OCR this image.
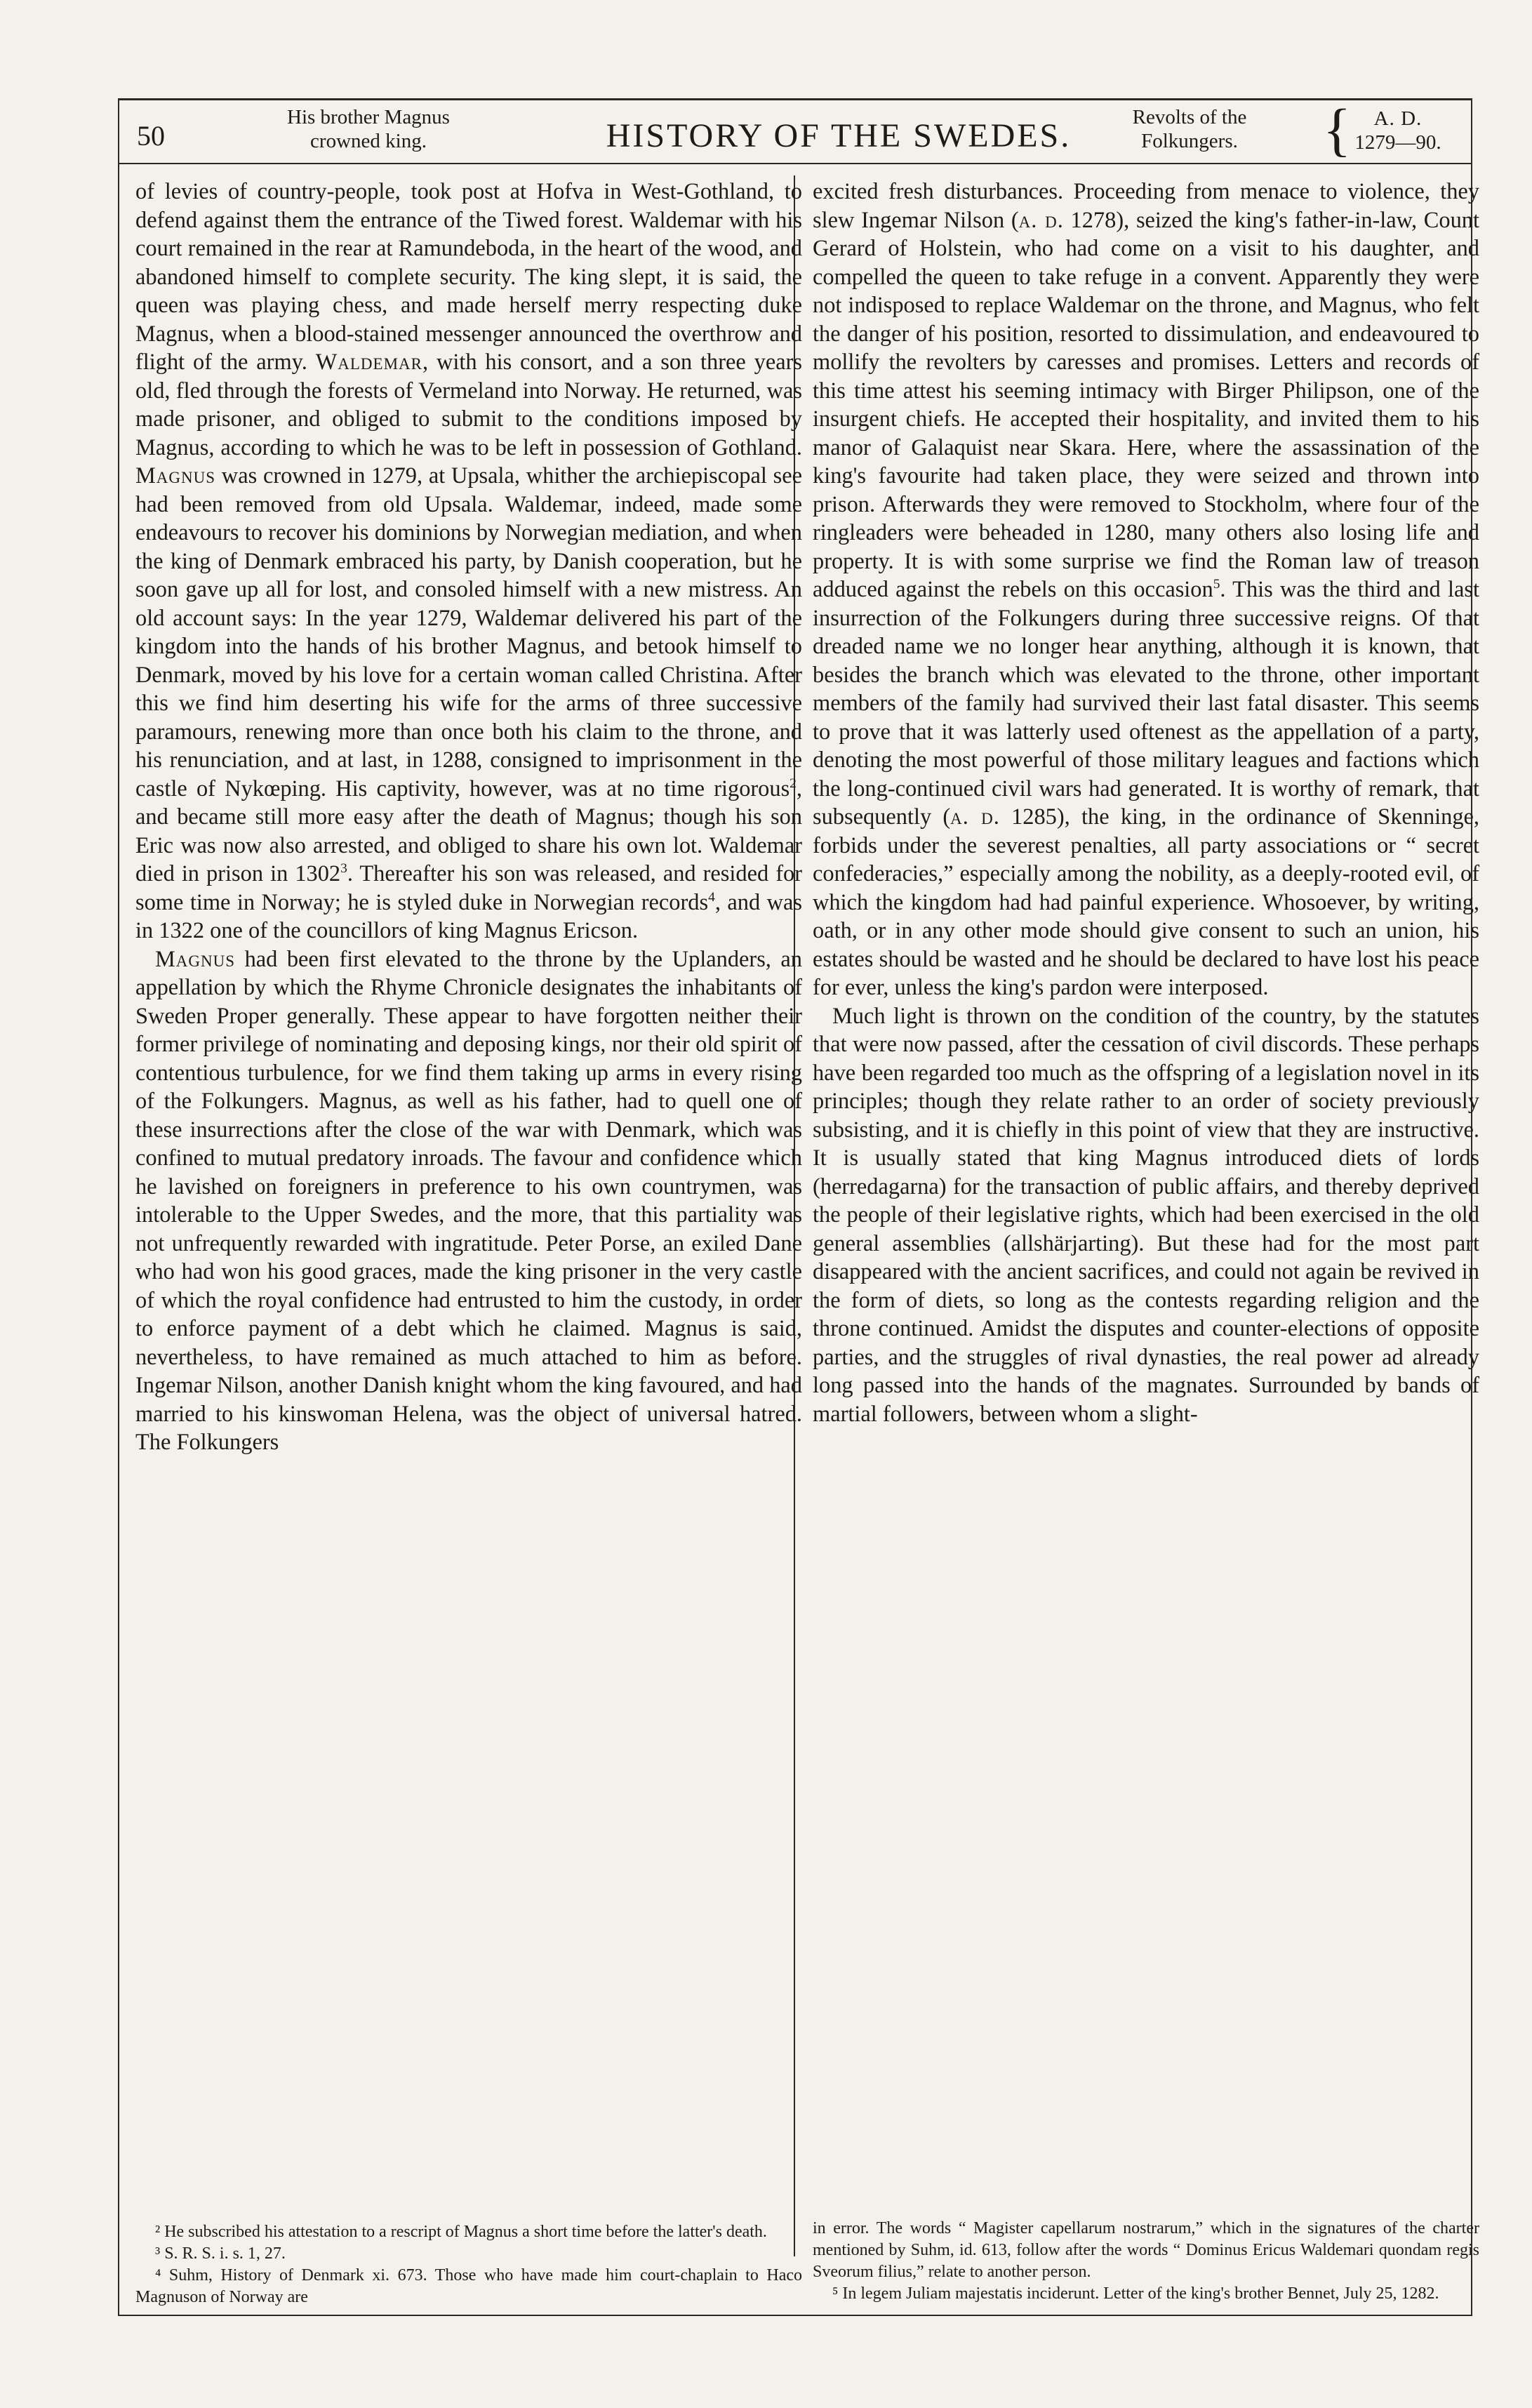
50
His brother Magnus
crowned king.	HISTORY OF THE SWEDES.	Revolts of the
Folkungers.	{	A. D.
1279—90.

of levies of country-people, took post at Hofva in West-Gothland, to defend against them the entrance of the Tiwed forest. Waldemar with his court remained in the rear at Ramundeboda, in the heart of the wood, and abandoned himself to complete security. The king slept, it is said, the queen was playing chess, and made herself merry respecting duke Magnus, when a blood-stained messenger announced the overthrow and flight of the army. Waldemar, with his consort, and a son three years old, fled through the forests of Vermeland into Norway. He returned, was made prisoner, and obliged to submit to the conditions imposed by Magnus, according to which he was to be left in possession of Gothland. Magnus was crowned in 1279, at Upsala, whither the archiepiscopal see had been removed from old Upsala. Waldemar, indeed, made some endeavours to recover his dominions by Norwegian mediation, and when the king of Denmark embraced his party, by Danish cooperation, but he soon gave up all for lost, and consoled himself with a new mistress. An old account says: In the year 1279, Waldemar delivered his part of the kingdom into the hands of his brother Magnus, and betook himself to Denmark, moved by his love for a certain woman called Christina. After this we find him deserting his wife for the arms of three successive paramours, renewing more than once both his claim to the throne, and his renunciation, and at last, in 1288, consigned to imprisonment in the castle of Nykœping. His captivity, however, was at no time rigorous$^2$, and became still more easy after the death of Magnus; though his son Eric was now also arrested, and obliged to share his own lot. Waldemar died in prison in 1302$^3$. Thereafter his son was released, and resided for some time in Norway; he is styled duke in Norwegian records$^4$, and was in 1322 one of the councillors of king Magnus Ericson.

Magnus had been first elevated to the throne by the Uplanders, an appellation by which the Rhyme Chronicle designates the inhabitants of Sweden Proper generally. These appear to have forgotten neither their former privilege of nominating and deposing kings, nor their old spirit of contentious turbulence, for we find them taking up arms in every rising of the Folkungers. Magnus, as well as his father, had to quell one of these insurrections after the close of the war with Denmark, which was confined to mutual predatory inroads. The favour and confidence which he lavished on foreigners in preference to his own countrymen, was intolerable to the Upper Swedes, and the more, that this partiality was not unfrequently rewarded with ingratitude. Peter Porse, an exiled Dane who had won his good graces, made the king prisoner in the very castle of which the royal confidence had entrusted to him the custody, in order to enforce payment of a debt which he claimed. Magnus is said, nevertheless, to have remained as much attached to him as before. Ingemar Nilson, another Danish knight whom the king favoured, and had married to his kinswoman Helena, was the object of universal hatred. The Folkungers

excited fresh disturbances. Proceeding from menace to violence, they slew Ingemar Nilson (a. d. 1278), seized the king's father-in-law, Count Gerard of Holstein, who had come on a visit to his daughter, and compelled the queen to take refuge in a convent. Apparently they were not indisposed to replace Waldemar on the throne, and Magnus, who felt the danger of his position, resorted to dissimulation, and endeavoured to mollify the revolters by caresses and promises. Letters and records of this time attest his seeming intimacy with Birger Philipson, one of the insurgent chiefs. He accepted their hospitality, and invited them to his manor of Galaquist near Skara. Here, where the assassination of the king's favourite had taken place, they were seized and thrown into prison. Afterwards they were removed to Stockholm, where four of the ringleaders were beheaded in 1280, many others also losing life and property. It is with some surprise we find the Roman law of treason adduced against the rebels on this occasion$^5$. This was the third and last insurrection of the Folkungers during three successive reigns. Of that dreaded name we no longer hear anything, although it is known, that besides the branch which was elevated to the throne, other important members of the family had survived their last fatal disaster. This seems to prove that it was latterly used oftenest as the appellation of a party, denoting the most powerful of those military leagues and factions which the long-continued civil wars had generated. It is worthy of remark, that subsequently (a. d. 1285), the king, in the ordinance of Skenninge, forbids under the severest penalties, all party associations or “ secret confederacies,” especially among the nobility, as a deeply-rooted evil, of which the kingdom had had painful experience. Whosoever, by writing, oath, or in any other mode should give consent to such an union, his estates should be wasted and he should be declared to have lost his peace for ever, unless the king's pardon were interposed.

Much light is thrown on the condition of the country, by the statutes that were now passed, after the cessation of civil discords. These perhaps have been regarded too much as the offspring of a legislation novel in its principles; though they relate rather to an order of society previously subsisting, and it is chiefly in this point of view that they are instructive. It is usually stated that king Magnus introduced diets of lords (herredagarna) for the transaction of public affairs, and thereby deprived the people of their legislative rights, which had been exercised in the old general assemblies (allshärjarting). But these had for the most part disappeared with the ancient sacrifices, and could not again be revived in the form of diets, so long as the contests regarding religion and the throne continued. Amidst the disputes and counter-elections of opposite parties, and the struggles of rival dynasties, the real power ad already long passed into the hands of the magnates. Surrounded by bands of martial followers, between whom a slight-

² He subscribed his attestation to a rescript of Magnus a short time before the latter's death.

³ S. R. S. i. s. 1, 27.

⁴ Suhm, History of Denmark xi. 673. Those who have made him court-chaplain to Haco Magnuson of Norway are

in error. The words “ Magister capellarum nostrarum,” which in the signatures of the charter mentioned by Suhm, id. 613, follow after the words “ Dominus Ericus Waldemari quondam regis Sveorum filius,” relate to another person.

⁵ In legem Juliam majestatis inciderunt. Letter of the king's brother Bennet, July 25, 1282.
